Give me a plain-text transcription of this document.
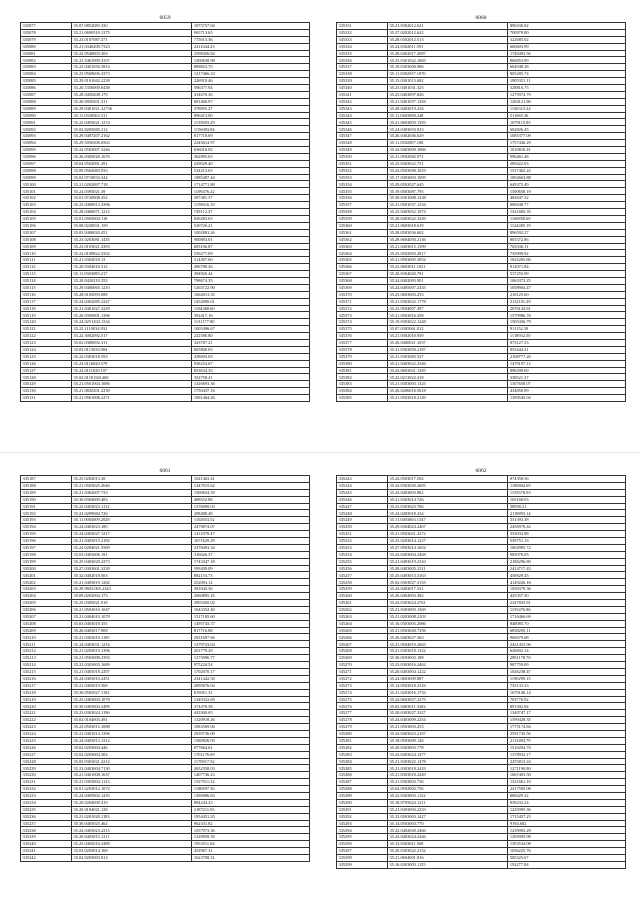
6059
335077	35.07.0852083.330	1075757.04
335078	35.21.0690510.1375	965713.65
335079	35.23.0107087.371	775013.36
335080	35.21.0340209.7323	2411644.23
335081	35.22.9548003.303	2598456.84
335082	35.23.5461009.3337	1300638.98
335083	35.23.0401050.5813	889823.70
335084	35.23.9568006.3373	1217466.23
335085	35.29.0101042.2239	226918.46
335086	35.20.5356000.0438	596377.94
335087	35.28.0450208.179	414670.36
335088	35.26.0950201.311	681460.97
335089	35.29.0401021.22736	378855.27
335090	35.11.0330563.311	896413.00
335091	35.22.0493621.1274	1135693.29
335092	35.02.8205085.212	1156003.84
335093	35.29.0407207.2162	817718.69
335094	35.29.5050206.0563	2245614.97
335095	35.22.0503007.3246	636016.02
335096	35.26.0305020.1676	362805.65
335097	35.04.9502091.291	229029.40
335098	35.09.0562083.933	534213.03
335099	35.02.0710033.344	1085407.44
335100	35.21.0202097.718	1714771.88
335101	35.24.0395021.39	1109476.22
335102	35.01.0720008.452	397381.37
335103	35.23.0400013.3396	1159616.10
335104	35.28.0406071.1212	749112.37
335105	35.01.0565004.118	826283.03
335106	35.08.0220031.159	520726.21
335107	35.03.9406020.451	1002863.26
335108	35.23.0203081.1435	900883.01
335109	35.23.0103021.2393	605106.87
335110	35.22.0108822.3352	539277.09
335111	35.21.0302018.13	314497.60
335112	35.20.0304016.512	496780.26
335113	35.11.0303085.217	394826.44
335114	35.20.0420210.352	798674.35
335115	35.29.0400065.1210	1263722.90
335116	35.28.0105093.088	1664013.35
335117	35.24.0402085.2247	1452090.61
335118	35.21.0401027.3229	1104368.60
335119	35.20.0399001.1396	392417.16
335120	35.24.0251204.1334	1131177.80
335121	35.22.1110034.932	1005496.67
335122	35.22.3002092.517	222580.80
335123	35.02.0380092.311	323787.21
335124	35.03.0113034.904	805800.05
335125	35.22.0303018.593	238693.03
335126	35.23.0116020.579	938254.67
335127	35.22.0111020.107	853634.35
335128	35.02.0118.020.460	352758.41
335129	35.21.0501004.1086	1416693.36
335130	35.21.0820201.2239	1750437.16
335131	35.21.9561006.2271	1891464.26
6060
335331	35.21.0302012.621	896330.02
335332	35.27.0202012.622	700979.00
335333	35.28.0302012.513	322685.02
335334	35.24.0302011.591	660603.99
335335	35.28.0402017.2087	1749493.56
335336	35.23.0301022.1065	866853.99
335337	35.19.0303000.906	664948.28
335338	35.11.0302037.1070	805285.74
335339	35.15.0301013.682	1905351.11
335340	35.23.0401031.325	328816.75
335341	35.23.0403097.826	1275974.79
335342	35.21.0401037.1294	1284121.86
335343	35.28.0403019.234	1156313.24
335344	35.11.0403008.248	511665.36
335345	35.21.0603003.1393	1079115.85
335346	35.24.0403033.923	602826.45
335347	35.26.0402046.629	1085377.09
335348	35.11.0502007.188	1757436.29
335349	35.24.0403009.1066	1010810.41
335350	35.21.0502082.971	996461.48
335351	35.23.0303022.751	289422.03
335352	35.24.0503098.1019	1517462.22
335353	35.17.0303003.1095	1002663.88
335354	35.29.0502027.645	649375.49
335355	35.19.0503087.795	1500658.19
335356	35.30.0301008.1238	482847.32
335357	35.21.0501037.1234	806940.77
335358	35.23.0403052.1074	1321685.35
335359	35.28.0403022.3249	1169850.69
335360	35.21.0603018.619	1124485.19
335361	35.28.0503036.602	896592.27
335362	35.28.0604050.2136	903372.86
335363	35.21.0403015.1399	763336.11
335364	35.23.0502093.2817	735999.92
335365	35.21.0503005.3052	1025265.86
335366	35.22.0603011.1021	812071.84
335367	35.20.0304020.781	537255.09
335368	35.24.0402083.901	1063373.25
335369	35.24.0405007.2435	1058904.47
335370	35.23.0603003.253	216125.60
335371	35.21.0303022.1778	2112101.29
335372	35.23.0504007.497	2076143.81
335373	35.21.0503016.358	1579986.76
335374	35.19.0303022.1248	1505436.79
335375	35.07.0305061.812	911152.50
335376	35.21.0302010.939	1118932.50
335377	35.26.0400021.1037	873127.53
335378	35.31.0303059.2187	853444.41
335379	35.21.0303083.527	2108777.26
335380	35.21.0403022.2346	1479197.12
335381	35.24.0603021.1285	896399.69
335382	35.22.0213022.418	338521.37
335383	35.21.0303003.1325	1307658.07
335384	35.26.0206016.5618	434850.09
335385	35.21.0503018.2149	1399545.04
6061
335187	35.25.0202013.38	1021463.41
335188	35.21.0503025.2646	1447015.62
335189	35.21.0402007.733	1560654.39
335190	35.30.0304009.483	408552.88
335191	35.22.0403023.1112	1376099.03
335192	35.22.0299084.726	208488.48
335193	35.11.0003009.2028	1102653.52
335194	35.24.0403023.180	2479874.07
335195	35.24.0403027.1217	1411878.47
335196	35.21.0403015.2182	1671629.29
335197	35.24.0204021.5569	2378493.34
335198	35.03.0403006.191	316026.37
335199	35.25.0403029.2373	1743347.18
335200	35.27.0303001.3239	599209.09
335201	35.32.0402018.563	882153.73
335202	35.21.0403019.1282	252093.12
335203	35.28.9603.005.2343	381043.36
335204	35.09.0202004.173	2060895.16
335205	35.25.0305021.918	2905450.02
335206	35.21.0503016.1047	1043352.40
335207	35.21.0404010.1078	1517185.60
335208	35.03.0403018.355	1495743.37
335209	35.26.0403017.908	817716.88
335210	35.21.0303019.1185	2931697.66
335211	35.24.0403031.1216	1279723.04
335212	35.21.0203019.1396	261779.29
335213	35.21.0503009.2393	1273996.77
335214	35.22.0303003.1689	975224.54
335215	35.21.0405018.2297	1702070.17
335216	35.24.0403010.2451	2341442.50
335217	35.21.0402019.568	2095676.04
335218	35.30.0505027.1192	819051.31
335219	35.23.0403003.1078	1349332.65
335220	35.30.0403004.2489	374478.38
335221	35.23.0303024.1196	443300.65
335222	35.02.0104003.491	1320918.26
335223	35.23.0503015.1088	1083569.06
335224	35.21.0401014.1396	2939736.00
335225	35.24.0403013.1312	1380826.05
335226	35.02.0203004.446	877664.61
335227	35.02.0203004.302	1701176.69
335228	35.02.0303021.2212	1170917.52
335229	35.23.0403004.7130	2652558.03
335230	35.21.0401008.1637	1407736.23
335231	35.21.0303004.1123	1527911.32
335232	35.01.0203012.1072	1180697.36
335233	35.24.0405002.1435	1286986.63
335234	35.20.0204009.419	894244.23
335235	35.20.0104021.128	2187211.05
335236	35.21.0201020.1183	1954451.35
335237	35.30.0405025.462	962331.82
335238	35.24.0403023.2215	1557973.36
335239	35.20.0403015.1311	1320958.39
335240	35.23.0402016.2489	1953511.04
335241	35.03.0203014.168	452967.31
335242	35.02.0203003.913	1623708.31
6062
335243	35.24.0503017.502	874358.36
335244	35.24.0303020.2605	1180804.69
335245	35.24.0403003.882	1155578.03
335246	35.21.0303014.726	165168.03
335247	35.23.0303023.766	58958.21
335248	35.24.0403018.234	2118893.14
335249	35.11.0403003.1347	331393.38
335250	35.29.0304024.2467	2456978.42
335251	35.21.0503021.2272	553033.98
335252	35.23.0203014.1227	539751.13
335253	35.27.0503014.1652	1002985.72
335254	35.24.0403004.2468	983078.03
335255	35.21.0403019.2310	2186296.80
335256	35.28.0403005.2311	2414717.43
335257	35.25.0403013.3163	458829.45
335258	35.02.0303027.3155	4149226.16
335259	35.24.0403017.331	1030379.36
335260	35.26.0404003.382	425357.30
335261	35.24.0303024.2761	2347825.81
335262	35.21.0303003.1369	1155476.86
335263	35.21.0203008.2103	1716466.69
335264	35.16.0303003.2086	848085.70
335265	35.21.0503020.7356	6838295.11
335266	35.26.0403027.363	960679.08
335267	35.21.0504019.2665	2431453.96
335268	35.21.0303018.1322	626692.14
335269	35.30.0503003.188	2891178.70
335270	35.23.0303016.2462	987759.09
335271	35.20.0403004.1222	1026238.47
335272	35.24.0603009.887	1190299.15
335273	35.14.0503018.2316	735133.23
335274	35.21.0203016.1733	1679140.14
335275	35.24.0603027.2275	703776.92
335276	35.02.0403011.3202	891302.94
335277	35.20.0303027.3327	1340747.17
335278	35.24.0403009.2254	1599428.35
335279	35.21.0503003.253	1775174.84
335280	35.24.0403023.2167	2591735.56
335281	35.18.0503009.126	2113493.79
335282	35.20.0303003.778	1510204.70
335283	35.24.0403024.1477	1378932.17
335284	35.21.0303022.1478	2255813.24
335285	35.21.0303018.2419	1271190.90
335286	35.21.0303018.2449	1667403.50
335287	35.21.0303003.736	1321661.10
335288	35.04.0502002.756	2417585.08
335289	35.22.0303003.1122	808429.32
335290	35.18.0795024.1211	839233.24
335291	35.21.0303003.2233	1235995.36
335292	35.23.0503003.1427	1715457.25
335293	35.14.0503003.770	9194.682
335294	35.22.0402020.2466	1239993.29
335295	35.24.0403024.2446	1295995.98
335296	35.13.0303011.568	1303534.08
335297	35.20.0303022.2152	1036225.76
335298	35.21.0604001.816	585325.67
335299	35.16.0303003.1155	192277.84
